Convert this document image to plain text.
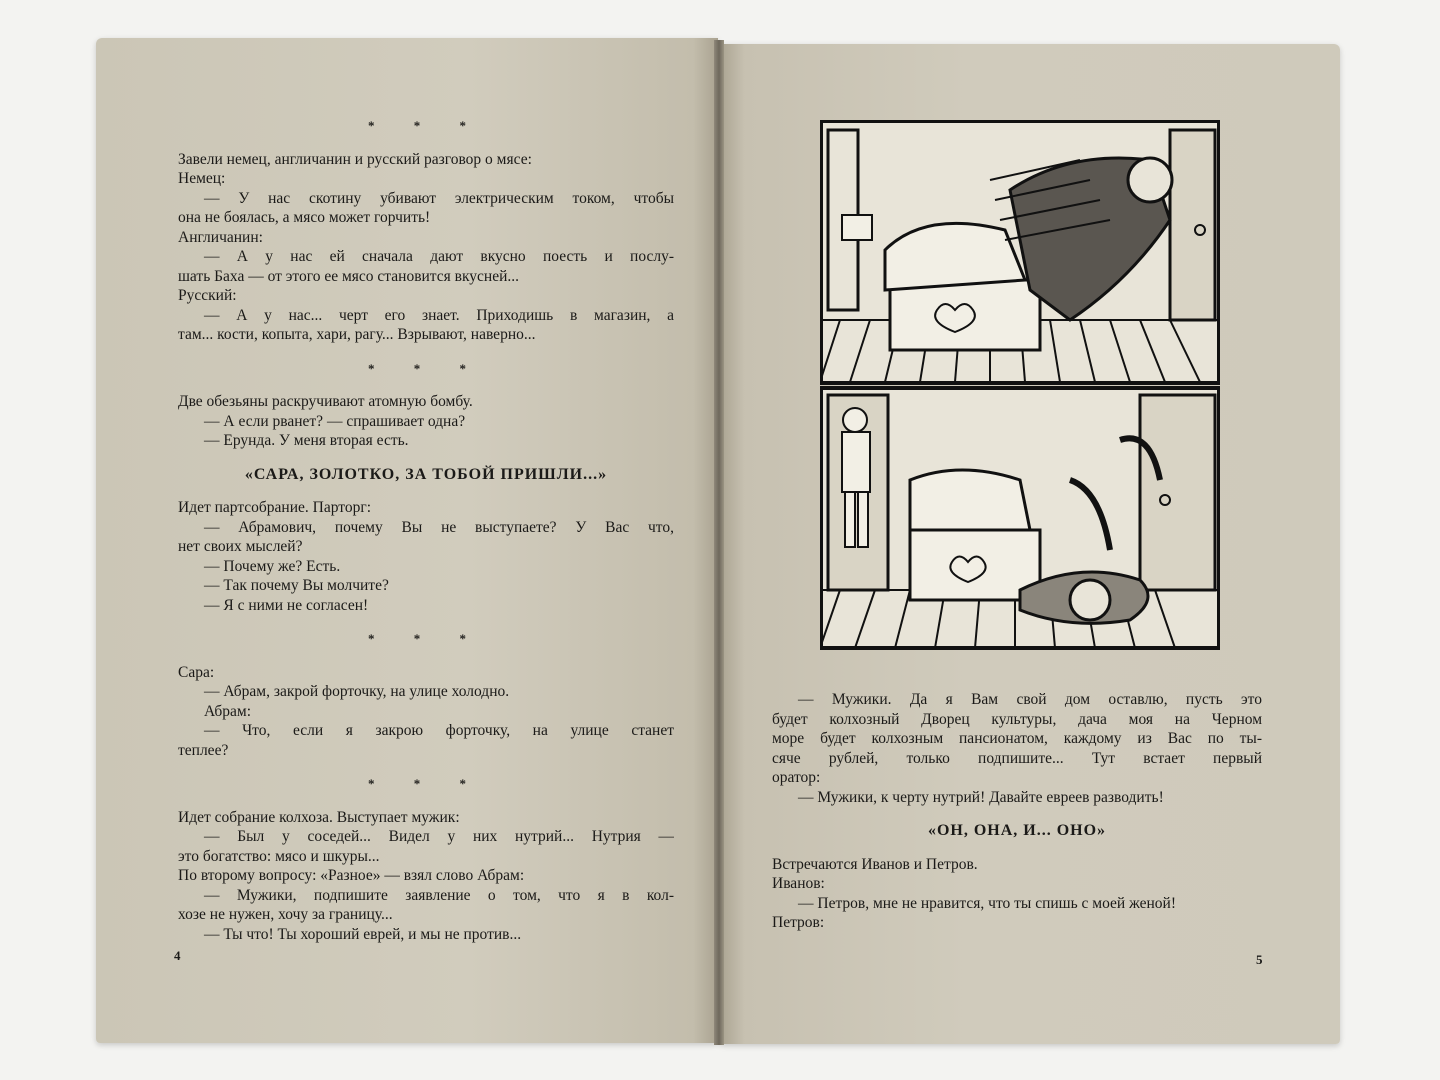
* * *
Завели немец, англичанин и русский разговор о мясе:
Немец:
— У нас скотину убивают электрическим током, чтобы
она не боялась, а мясо может горчить!
Англичанин:
— А у нас ей сначала дают вкусно поесть и послу-
шать Баха — от этого ее мясо становится вкусней...
Русский:
— А у нас... черт его знает. Приходишь в магазин, а
там... кости, копыта, хари, рагу... Взрывают, наверно...
* * *
Две обезьяны раскручивают атомную бомбу.
— А если рванет? — спрашивает одна?
— Ерунда. У меня вторая есть.
«САРА, ЗОЛОТКО, ЗА ТОБОЙ ПРИШЛИ...»
Идет партсобрание. Парторг:
— Абрамович, почему Вы не выступаете? У Вас что,
нет своих мыслей?
— Почему же? Есть.
— Так почему Вы молчите?
— Я с ними не согласен!
* * *
Сара:
— Абрам, закрой форточку, на улице холодно.
Абрам:
— Что, если я закрою форточку, на улице станет
теплее?
* * *
Идет собрание колхоза. Выступает мужик:
— Был у соседей... Видел у них нутрий... Нутрия —
это богатство: мясо и шкуры...
По второму вопросу: «Разное» — взял слово Абрам:
— Мужики, подпишите заявление о том, что я в кол-
хозе не нужен, хочу за границу...
— Ты что! Ты хороший еврей, и мы не против...
— Мужики. Да я Вам свой дом оставлю, пусть это
будет колхозный Дворец культуры, дача моя на Черном
море будет колхозным пансионатом, каждому из Вас по ты-
сяче рублей, только подпишите... Тут встает первый
оратор:
— Мужики, к черту нутрий! Давайте евреев разводить!
«ОН, ОНА, И... ОНО»
Встречаются Иванов и Петров.
Иванов:
— Петров, мне не нравится, что ты спишь с моей женой!
Петров:
4	5
